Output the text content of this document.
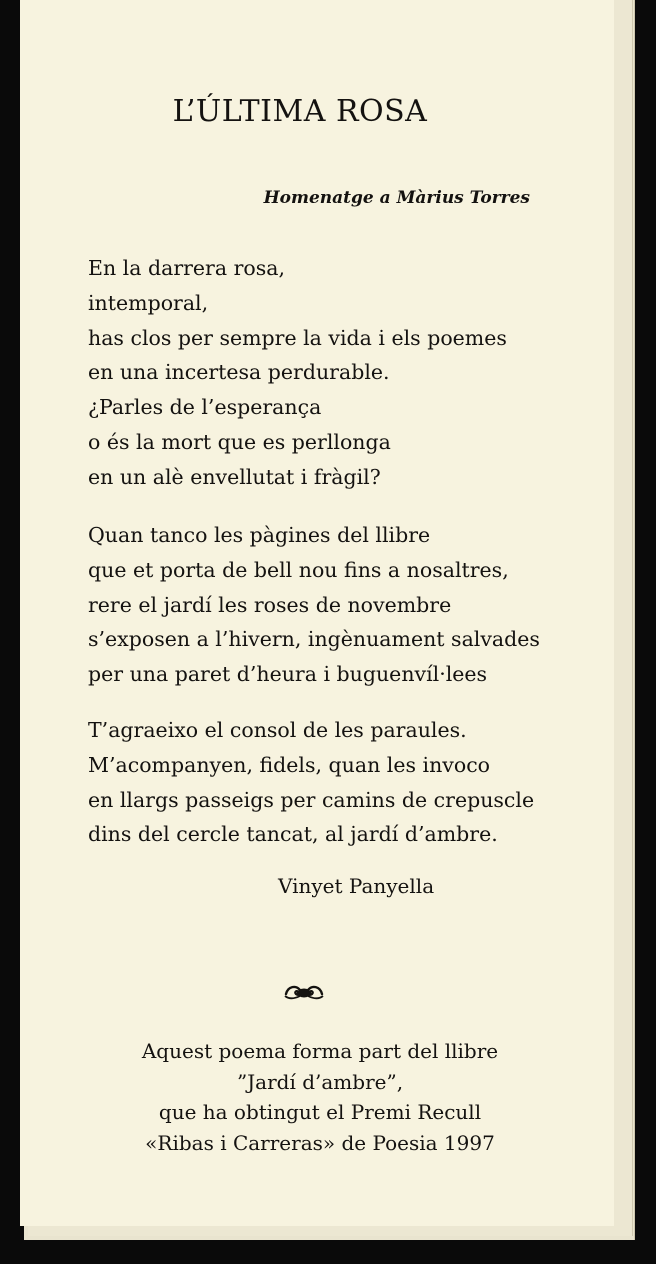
L’ÚLTIMA ROSA

Homenatge a Màrius Torres

En la darrera rosa,
intemporal,
has clos per sempre la vida i els poemes
en una incertesa perdurable.
¿Parles de l’esperança
o és la mort que es perllonga
en un alè envellutat i fràgil?
Quan tanco les pàgines del llibre
que et porta de bell nou fins a nosaltres,
rere el jardí les roses de novembre
s’exposen a l’hivern, ingènuament salvades
per una paret d’heura i buguenvíl·lees
T’agraeixo el consol de les paraules.
M’acompanyen, fidels, quan les invoco
en llargs passeigs per camins de crepuscle
dins del cercle tancat, al jardí d’ambre.

Vinyet Panyella

Aquest poema forma part del llibre
”Jardí d’ambre”,
que ha obtingut el Premi Recull
«Ribas i Carreras» de Poesia 1997
